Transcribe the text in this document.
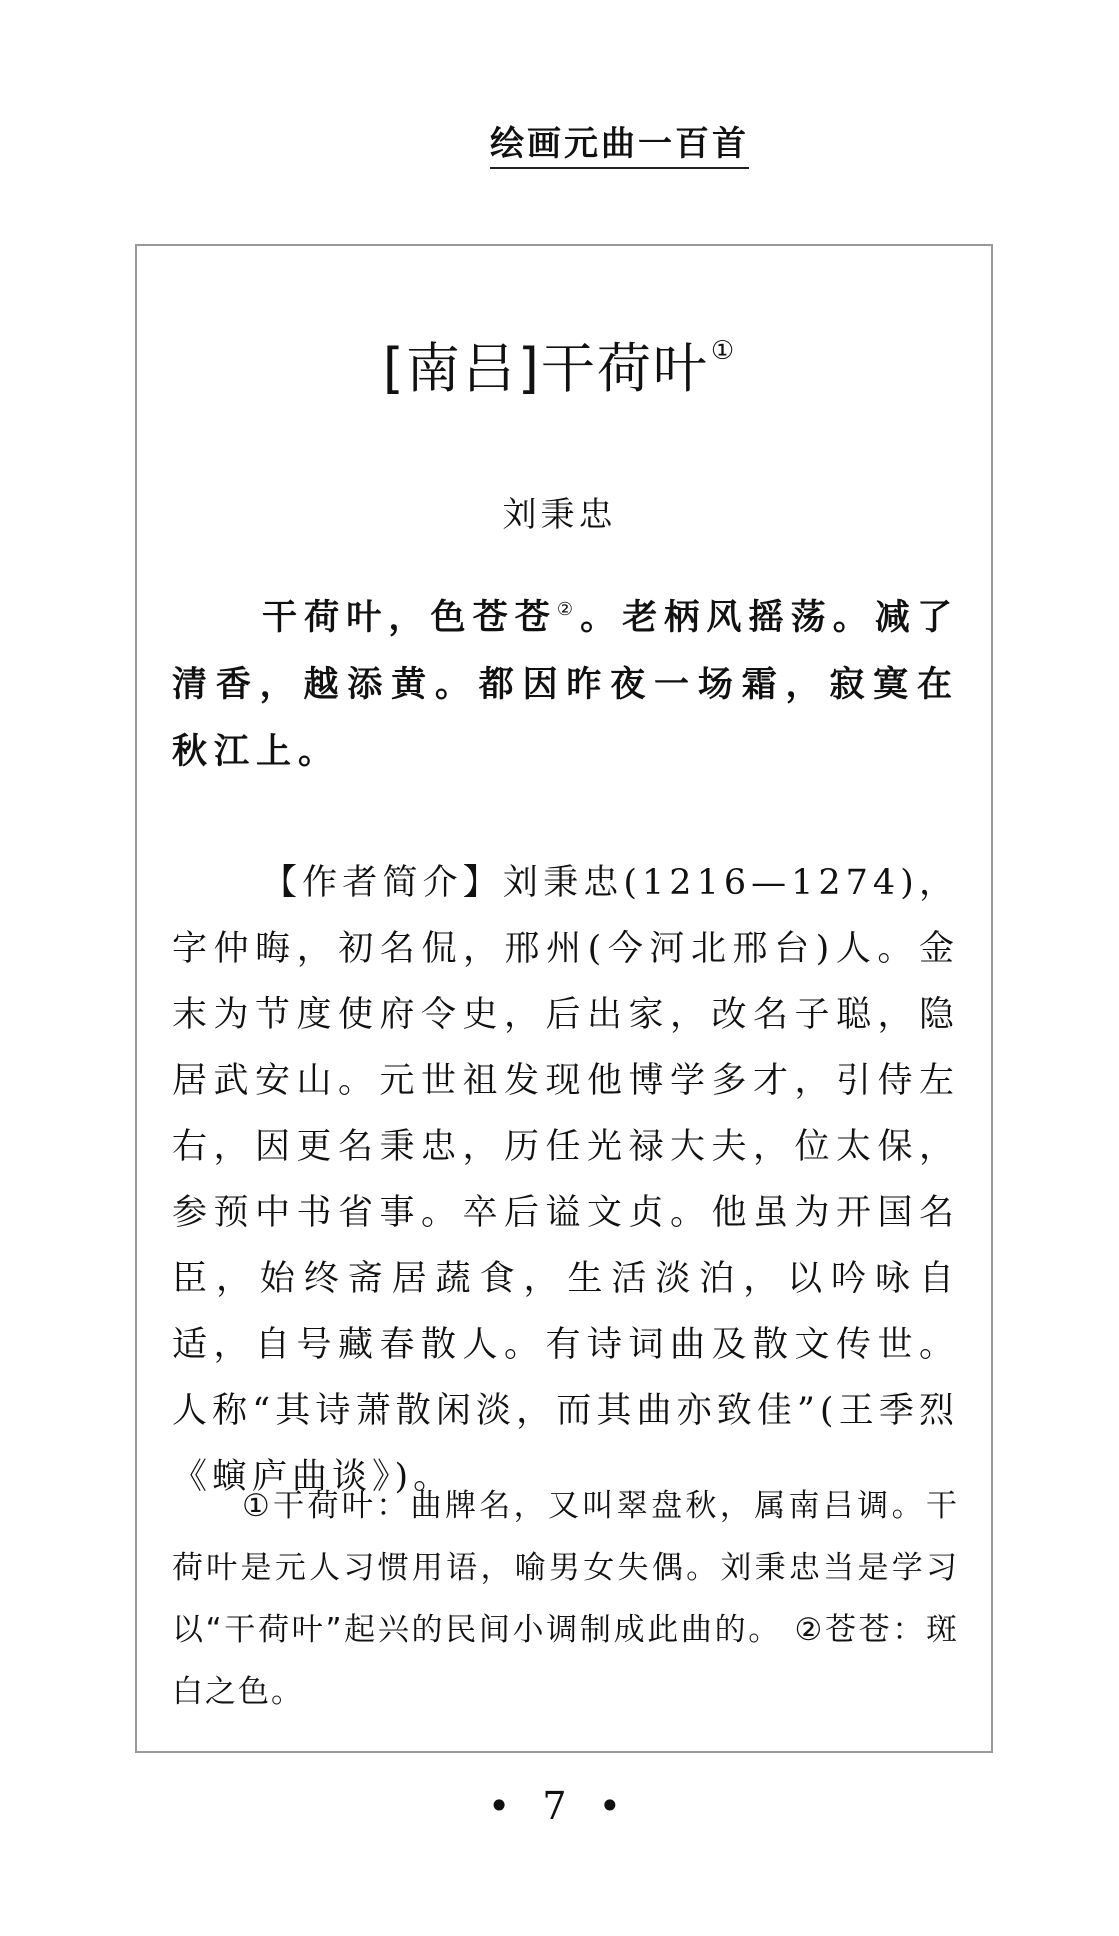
绘画元曲一百首
[南吕]干荷叶①
刘秉忠
干荷叶，色苍苍②。老柄风摇荡。减了清香，越添黄。都因昨夜一场霜，寂寞在秋江上。
【作者简介】刘秉忠(1216—1274)，字仲晦，初名侃，邢州(今河北邢台)人。金末为节度使府令史，后出家，改名子聪，隐居武安山。元世祖发现他博学多才，引侍左右，因更名秉忠，历任光禄大夫，位太保，参预中书省事。卒后谥文贞。他虽为开国名臣，始终斋居蔬食，生活淡泊，以吟咏自适，自号藏春散人。有诗词曲及散文传世。人称“其诗萧散闲淡，而其曲亦致佳”(王季烈《螾庐曲谈》)。
①干荷叶：曲牌名，又叫翠盘秋，属南吕调。干荷叶是元人习惯用语，喻男女失偶。刘秉忠当是学习以“干荷叶”起兴的民间小调制成此曲的。 ②苍苍：斑白之色。
• 7 •
